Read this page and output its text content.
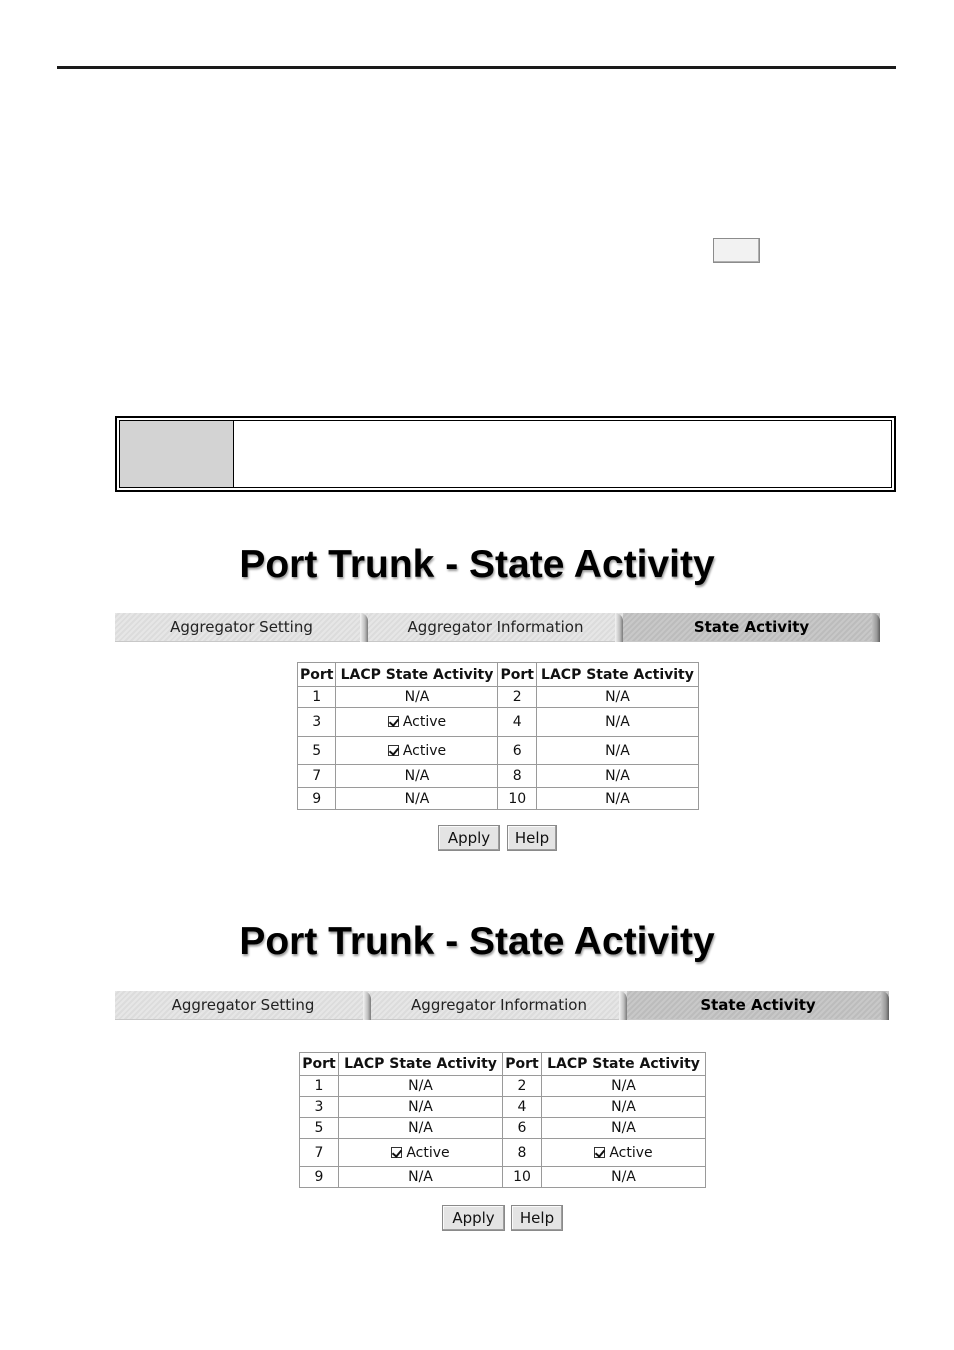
Port Trunk - State Activity
Aggregator Setting	Aggregator Information	State Activity
Port	LACP State Activity	Port	LACP State Activity
1	N/A	2	N/A
3	Active	4	N/A
5	Active	6	N/A
7	N/A	8	N/A
9	N/A	10	N/A
Apply	Help
Port Trunk - State Activity
Aggregator Setting	Aggregator Information	State Activity
Port	LACP State Activity	Port	LACP State Activity
1	N/A	2	N/A
3	N/A	4	N/A
5	N/A	6	N/A
7	Active	8	Active
9	N/A	10	N/A
Apply	Help
